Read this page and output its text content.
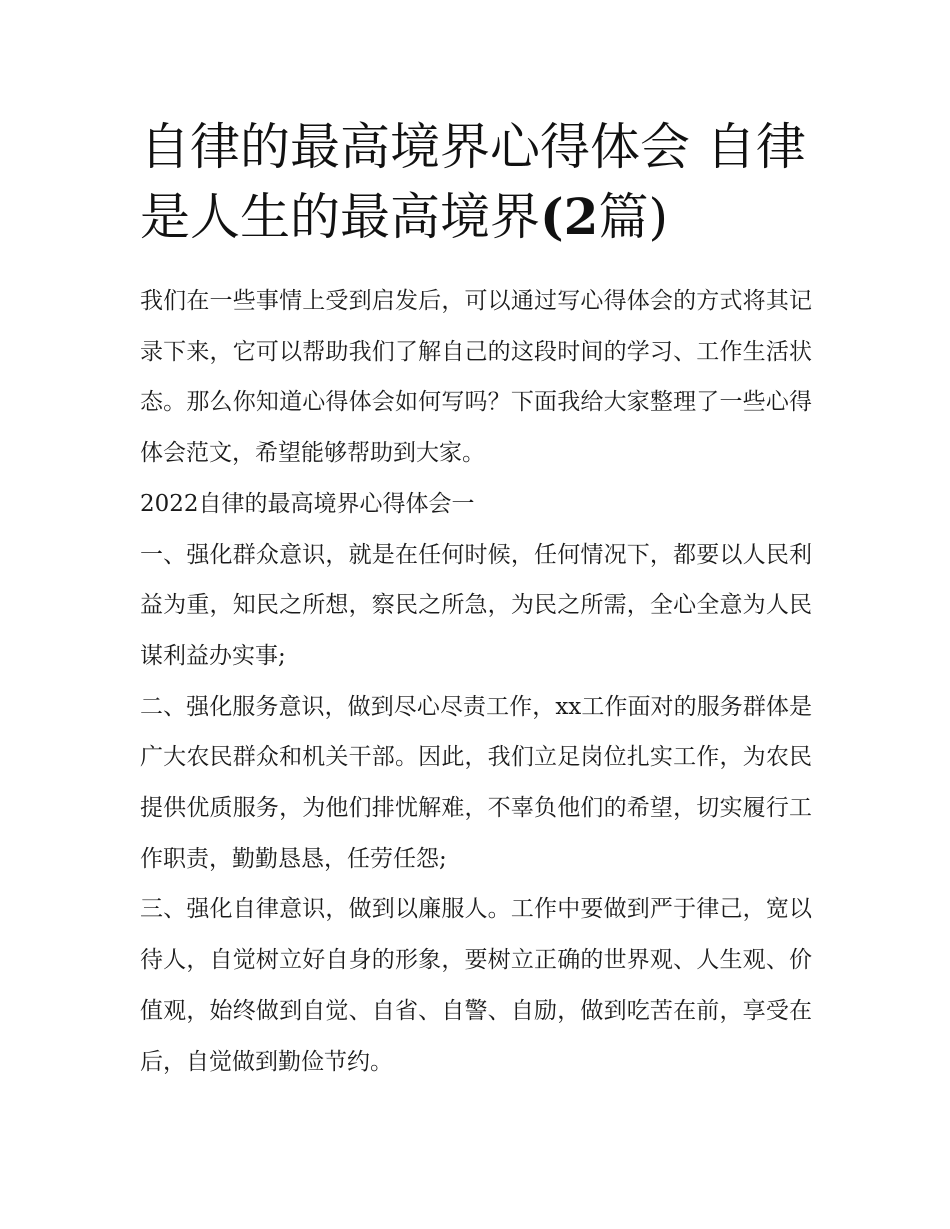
自律的最高境界心得体会 自律是人生的最高境界(2篇)

我们在一些事情上受到启发后，可以通过写心得体会的方式将其记录下来，它可以帮助我们了解自己的这段时间的学习、工作生活状态。那么你知道心得体会如何写吗？下面我给大家整理了一些心得体会范文，希望能够帮助到大家。

2022自律的最高境界心得体会一

一、强化群众意识，就是在任何时候，任何情况下，都要以人民利益为重，知民之所想，察民之所急，为民之所需，全心全意为人民谋利益办实事;

二、强化服务意识，做到尽心尽责工作，xx工作面对的服务群体是广大农民群众和机关干部。因此，我们立足岗位扎实工作，为农民提供优质服务，为他们排忧解难，不辜负他们的希望，切实履行工作职责，勤勤恳恳，任劳任怨;

三、强化自律意识，做到以廉服人。工作中要做到严于律己，宽以待人，自觉树立好自身的形象，要树立正确的世界观、人生观、价值观，始终做到自觉、自省、自警、自励，做到吃苦在前，享受在后，自觉做到勤俭节约。
